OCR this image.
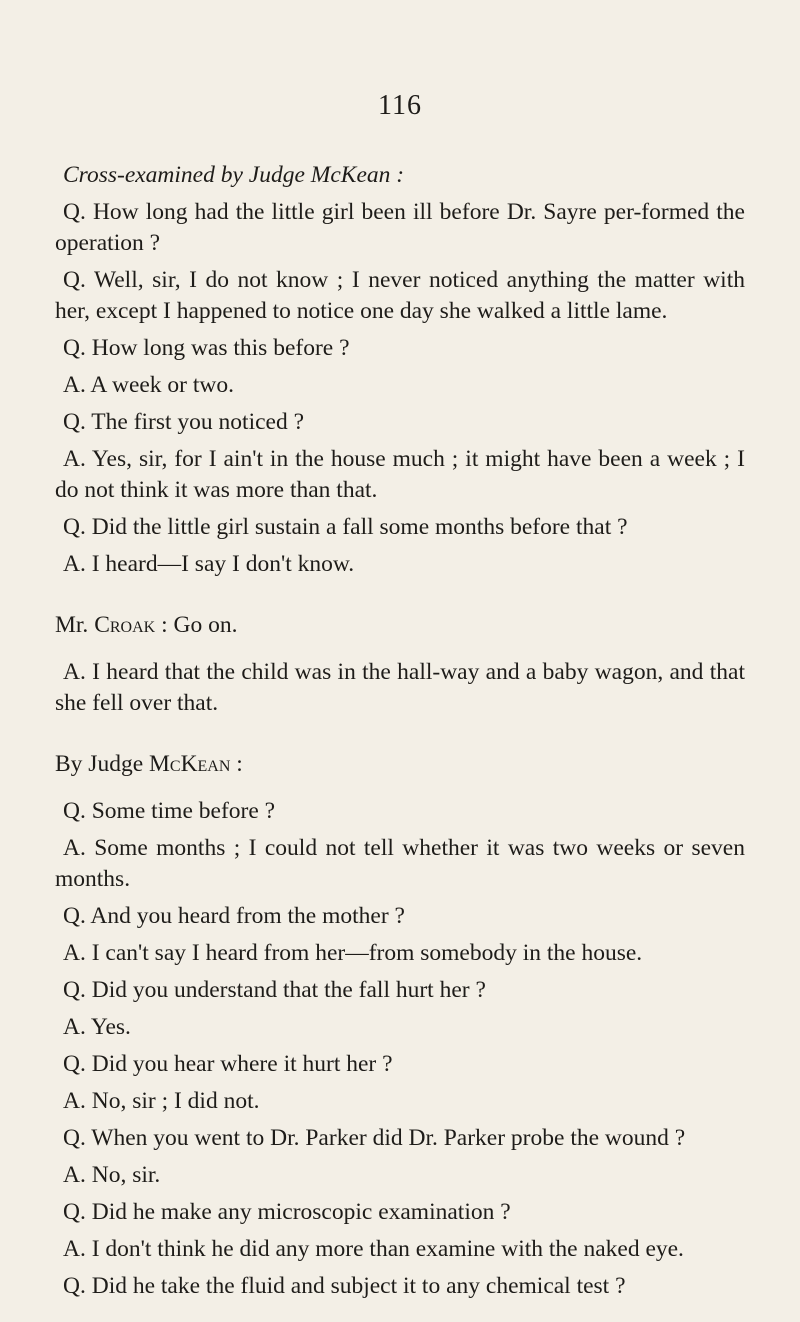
116

Cross-examined by Judge McKean :

Q. How long had the little girl been ill before Dr. Sayre per-formed the operation ?

Q. Well, sir, I do not know ; I never noticed anything the matter with her, except I happened to notice one day she walked a little lame.

Q. How long was this before ?

A. A week or two.

Q. The first you noticed ?

A. Yes, sir, for I ain't in the house much ; it might have been a week ; I do not think it was more than that.

Q. Did the little girl sustain a fall some months before that ?

A. I heard—I say I don't know.

Mr. Croak : Go on.

A. I heard that the child was in the hall-way and a baby wagon, and that she fell over that.

By Judge McKean :

Q. Some time before ?

A. Some months ; I could not tell whether it was two weeks or seven months.

Q. And you heard from the mother ?

A. I can't say I heard from her—from somebody in the house.

Q. Did you understand that the fall hurt her ?

A. Yes.

Q. Did you hear where it hurt her ?

A. No, sir ; I did not.

Q. When you went to Dr. Parker did Dr. Parker probe the wound ?

A. No, sir.

Q. Did he make any microscopic examination ?

A. I don't think he did any more than examine with the naked eye.

Q. Did he take the fluid and subject it to any chemical test ?
